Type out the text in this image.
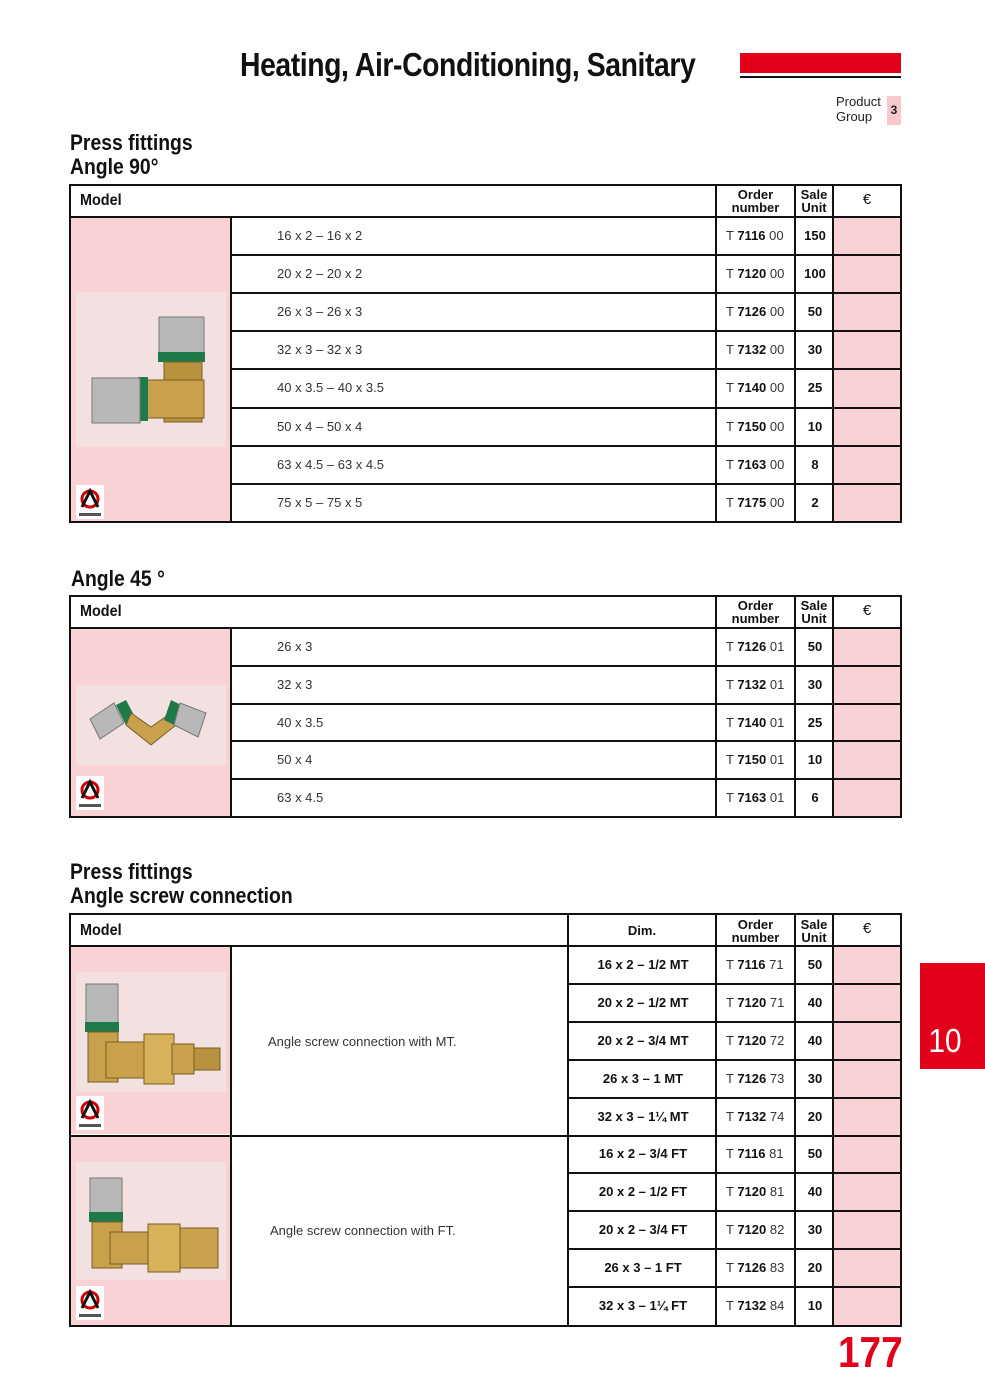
Heating, Air-Conditioning, Sanitary
Product
Group	3
Press fittings
Angle 90°
Model	Order
number
Sale
Unit	€
16 x 2 – 16 x 2	T 7116 00	150
20 x 2 – 20 x 2	T 7120 00	100
26 x 3 – 26 x 3	T 7126 00	50
32 x 3 – 32 x 3	T 7132 00	30
40 x 3.5 – 40 x 3.5	T 7140 00	25
50 x 4 – 50 x 4	T 7150 00	10
63 x 4.5 – 63 x 4.5	T 7163 00	8
75 x 5 – 75 x 5	T 7175 00	2
Angle 45 °
Model	Order
number
Sale
Unit	€
26 x 3	T 7126 01	50
32 x 3	T 7132 01	30
40 x 3.5	T 7140 01	25
50 x 4	T 7150 01	10
63 x 4.5	T 7163 01	6
Press fittings
Angle screw connection
Model	Dim.	Order
number
Sale
Unit
€
Angle screw connection with MT.
Angle screw connection with FT.
16 x 2 – 1/2 MT	T 7116 71	50
20 x 2 – 1/2 MT	T 7120 71	40
20 x 2 – 3/4 MT	T 7120 72	40
26 x 3 – 1 MT	T 7126 73	30
32 x 3 – 1¼ MT	T 7132 74	20
16 x 2 – 3/4 FT	T 7116 81	50
20 x 2 – 1/2 FT	T 7120 81	40
20 x 2 – 3/4 FT	T 7120 82	30
26 x 3 – 1 FT	T 7126 83	20
32 x 3 – 1¼ FT	T 7132 84	10
10
177
